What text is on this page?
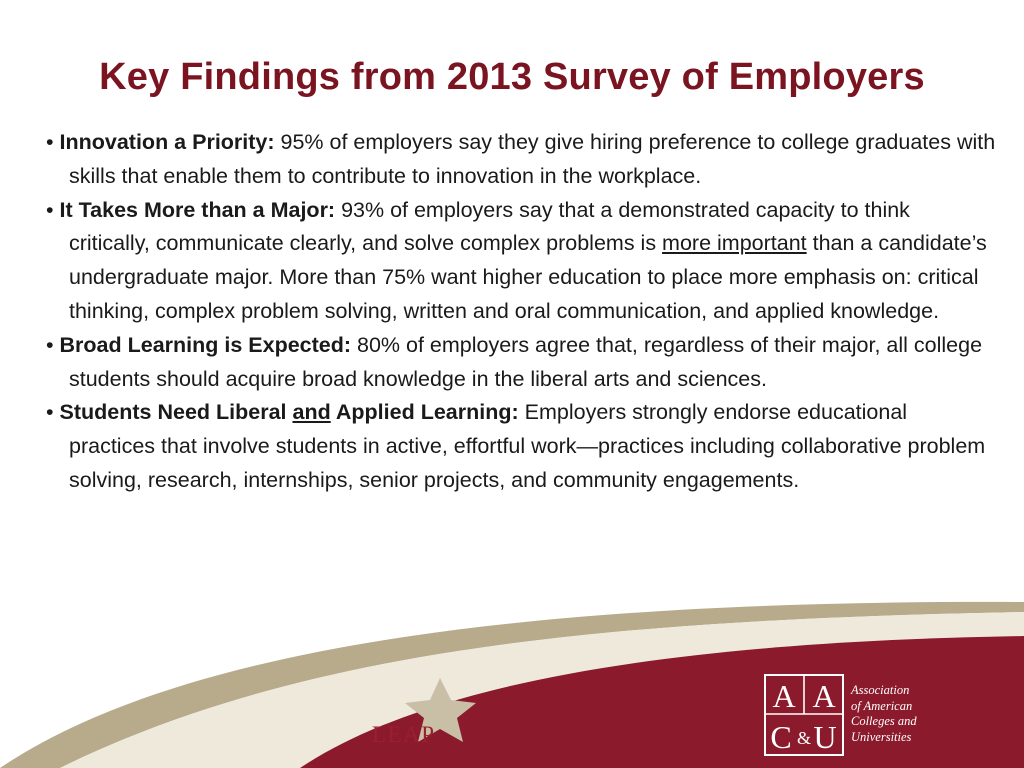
Key Findings from 2013 Survey of Employers

• Innovation a Priority: 95% of employers say they give hiring preference to college graduates with skills that enable them to contribute to innovation in the workplace.

• It Takes More than a Major: 93% of employers say that a demonstrated capacity to think critically, communicate clearly, and solve complex problems is more important than a candidate’s undergraduate major. More than 75% want higher education to place more emphasis on: critical thinking, complex problem solving, written and oral communication, and applied knowledge.

• Broad Learning is Expected: 80% of employers agree that, regardless of their major, all college students should acquire broad knowledge in the liberal arts and sciences.

• Students Need Liberal and Applied Learning: Employers strongly endorse educational practices that involve students in active, effortful work—practices including collaborative problem solving, research, internships, senior projects, and community engagements.

LEAP
A A
C & U
Association
of American
Colleges and
Universities
